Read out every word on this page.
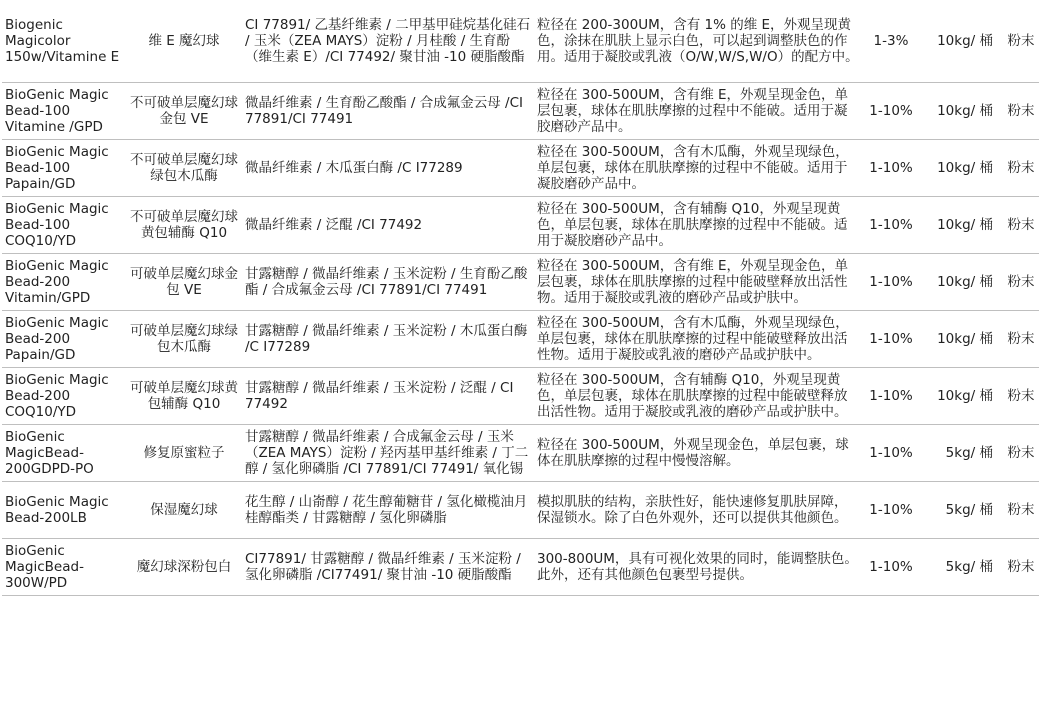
Biogenic Magicolor 150w/Vitamine E	维 E 魔幻球	CI 77891/ 乙基纤维素 / 二甲基甲硅烷基化硅石 / 玉米（ZEA MAYS）淀粉 / 月桂酸 / 生育酚（维生素 E）/CI 77492/ 聚甘油 -10 硬脂酸酯	粒径在 200-300UM，含有 1% 的维 E，外观呈现黄色，涂抹在肌肤上显示白色，可以起到调整肤色的作用。适用于凝胶或乳液（O/W,W/S,W/O）的配方中。	1-3%	10kg/ 桶	粉末
BioGenic Magic Bead-100 Vitamine /GPD	不可破单层魔幻球金包 VE	微晶纤维素 / 生育酚乙酸酯 / 合成氟金云母 /CI 77891/CI 77491	粒径在 300-500UM，含有维 E，外观呈现金色，单层包裹，球体在肌肤摩擦的过程中不能破。适用于凝胶磨砂产品中。	1-10%	10kg/ 桶	粉末
BioGenic Magic Bead-100 Papain/GD	不可破单层魔幻球绿包木瓜酶	微晶纤维素 / 木瓜蛋白酶 /C I77289	粒径在 300-500UM，含有木瓜酶，外观呈现绿色，单层包裹，球体在肌肤摩擦的过程中不能破。适用于凝胶磨砂产品中。	1-10%	10kg/ 桶	粉末
BioGenic Magic Bead-100 COQ10/YD	不可破单层魔幻球黄包辅酶 Q10	微晶纤维素 / 泛醌 /CI 77492	粒径在 300-500UM，含有辅酶 Q10，外观呈现黄色，单层包裹，球体在肌肤摩擦的过程中不能破。适用于凝胶磨砂产品中。	1-10%	10kg/ 桶	粉末
BioGenic Magic Bead-200 Vitamin/GPD	可破单层魔幻球金包 VE	甘露糖醇 / 微晶纤维素 / 玉米淀粉 / 生育酚乙酸酯 / 合成氟金云母 /CI 77891/CI 77491	粒径在 300-500UM，含有维 E，外观呈现金色，单层包裹，球体在肌肤摩擦的过程中能破壁释放出活性物。适用于凝胶或乳液的磨砂产品或护肤中。	1-10%	10kg/ 桶	粉末
BioGenic Magic Bead-200 Papain/GD	可破单层魔幻球绿包木瓜酶	甘露糖醇 / 微晶纤维素 / 玉米淀粉 / 木瓜蛋白酶 /C I77289	粒径在 300-500UM，含有木瓜酶，外观呈现绿色，单层包裹，球体在肌肤摩擦的过程中能破壁释放出活性物。适用于凝胶或乳液的磨砂产品或护肤中。	1-10%	10kg/ 桶	粉末
BioGenic Magic Bead-200 COQ10/YD	可破单层魔幻球黄包辅酶 Q10	甘露糖醇 / 微晶纤维素 / 玉米淀粉 / 泛醌 / CI 77492	粒径在 300-500UM，含有辅酶 Q10，外观呈现黄色，单层包裹，球体在肌肤摩擦的过程中能破壁释放出活性物。适用于凝胶或乳液的磨砂产品或护肤中。	1-10%	10kg/ 桶	粉末
BioGenic MagicBead-200GDPD-PO	修复原蜜粒子	甘露糖醇 / 微晶纤维素 / 合成氟金云母 / 玉米（ZEA MAYS）淀粉 / 羟丙基甲基纤维素 / 丁二醇 / 氢化卵磷脂 /CI 77891/CI 77491/ 氧化锡	粒径在 300-500UM，外观呈现金色，单层包裹，球体在肌肤摩擦的过程中慢慢溶解。	1-10%	5kg/ 桶	粉末
BioGenic Magic Bead-200LB	保湿魔幻球	花生醇 / 山嵛醇 / 花生醇葡糖苷 / 氢化橄榄油月桂醇酯类 / 甘露糖醇 / 氢化卵磷脂	模拟肌肤的结构，亲肤性好，能快速修复肌肤屏障，保湿锁水。除了白色外观外，还可以提供其他颜色。	1-10%	5kg/ 桶	粉末
BioGenic MagicBead-300W/PD	魔幻球深粉包白	CI77891/ 甘露糖醇 / 微晶纤维素 / 玉米淀粉 / 氢化卵磷脂 /CI77491/ 聚甘油 -10 硬脂酸酯	300-800UM，具有可视化效果的同时，能调整肤色。此外，还有其他颜色包裹型号提供。	1-10%	5kg/ 桶	粉末
